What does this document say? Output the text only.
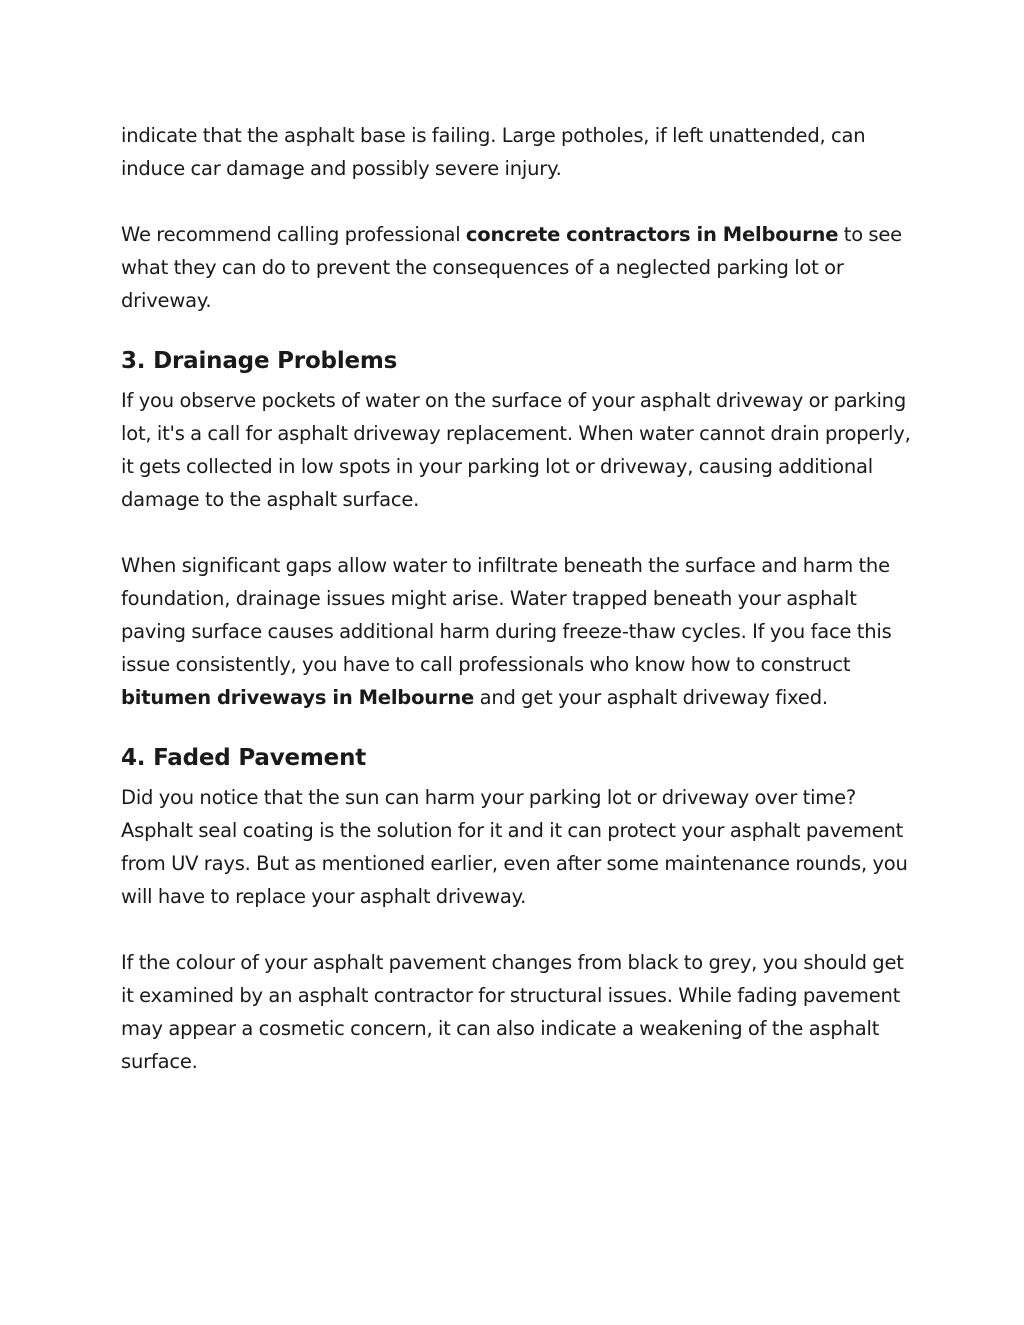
indicate that the asphalt base is failing. Large potholes, if left unattended, can induce car damage and possibly severe injury.

We recommend calling professional concrete contractors in Melbourne to see what they can do to prevent the consequences of a neglected parking lot or driveway.

3. Drainage Problems

If you observe pockets of water on the surface of your asphalt driveway or parking lot, it's a call for asphalt driveway replacement. When water cannot drain properly, it gets collected in low spots in your parking lot or driveway, causing additional damage to the asphalt surface.

When significant gaps allow water to infiltrate beneath the surface and harm the foundation, drainage issues might arise. Water trapped beneath your asphalt paving surface causes additional harm during freeze-thaw cycles. If you face this issue consistently, you have to call professionals who know how to construct bitumen driveways in Melbourne and get your asphalt driveway fixed.

4. Faded Pavement

Did you notice that the sun can harm your parking lot or driveway over time? Asphalt seal coating is the solution for it and it can protect your asphalt pavement from UV rays. But as mentioned earlier, even after some maintenance rounds, you will have to replace your asphalt driveway.

If the colour of your asphalt pavement changes from black to grey, you should get it examined by an asphalt contractor for structural issues. While fading pavement may appear a cosmetic concern, it can also indicate a weakening of the asphalt surface.
